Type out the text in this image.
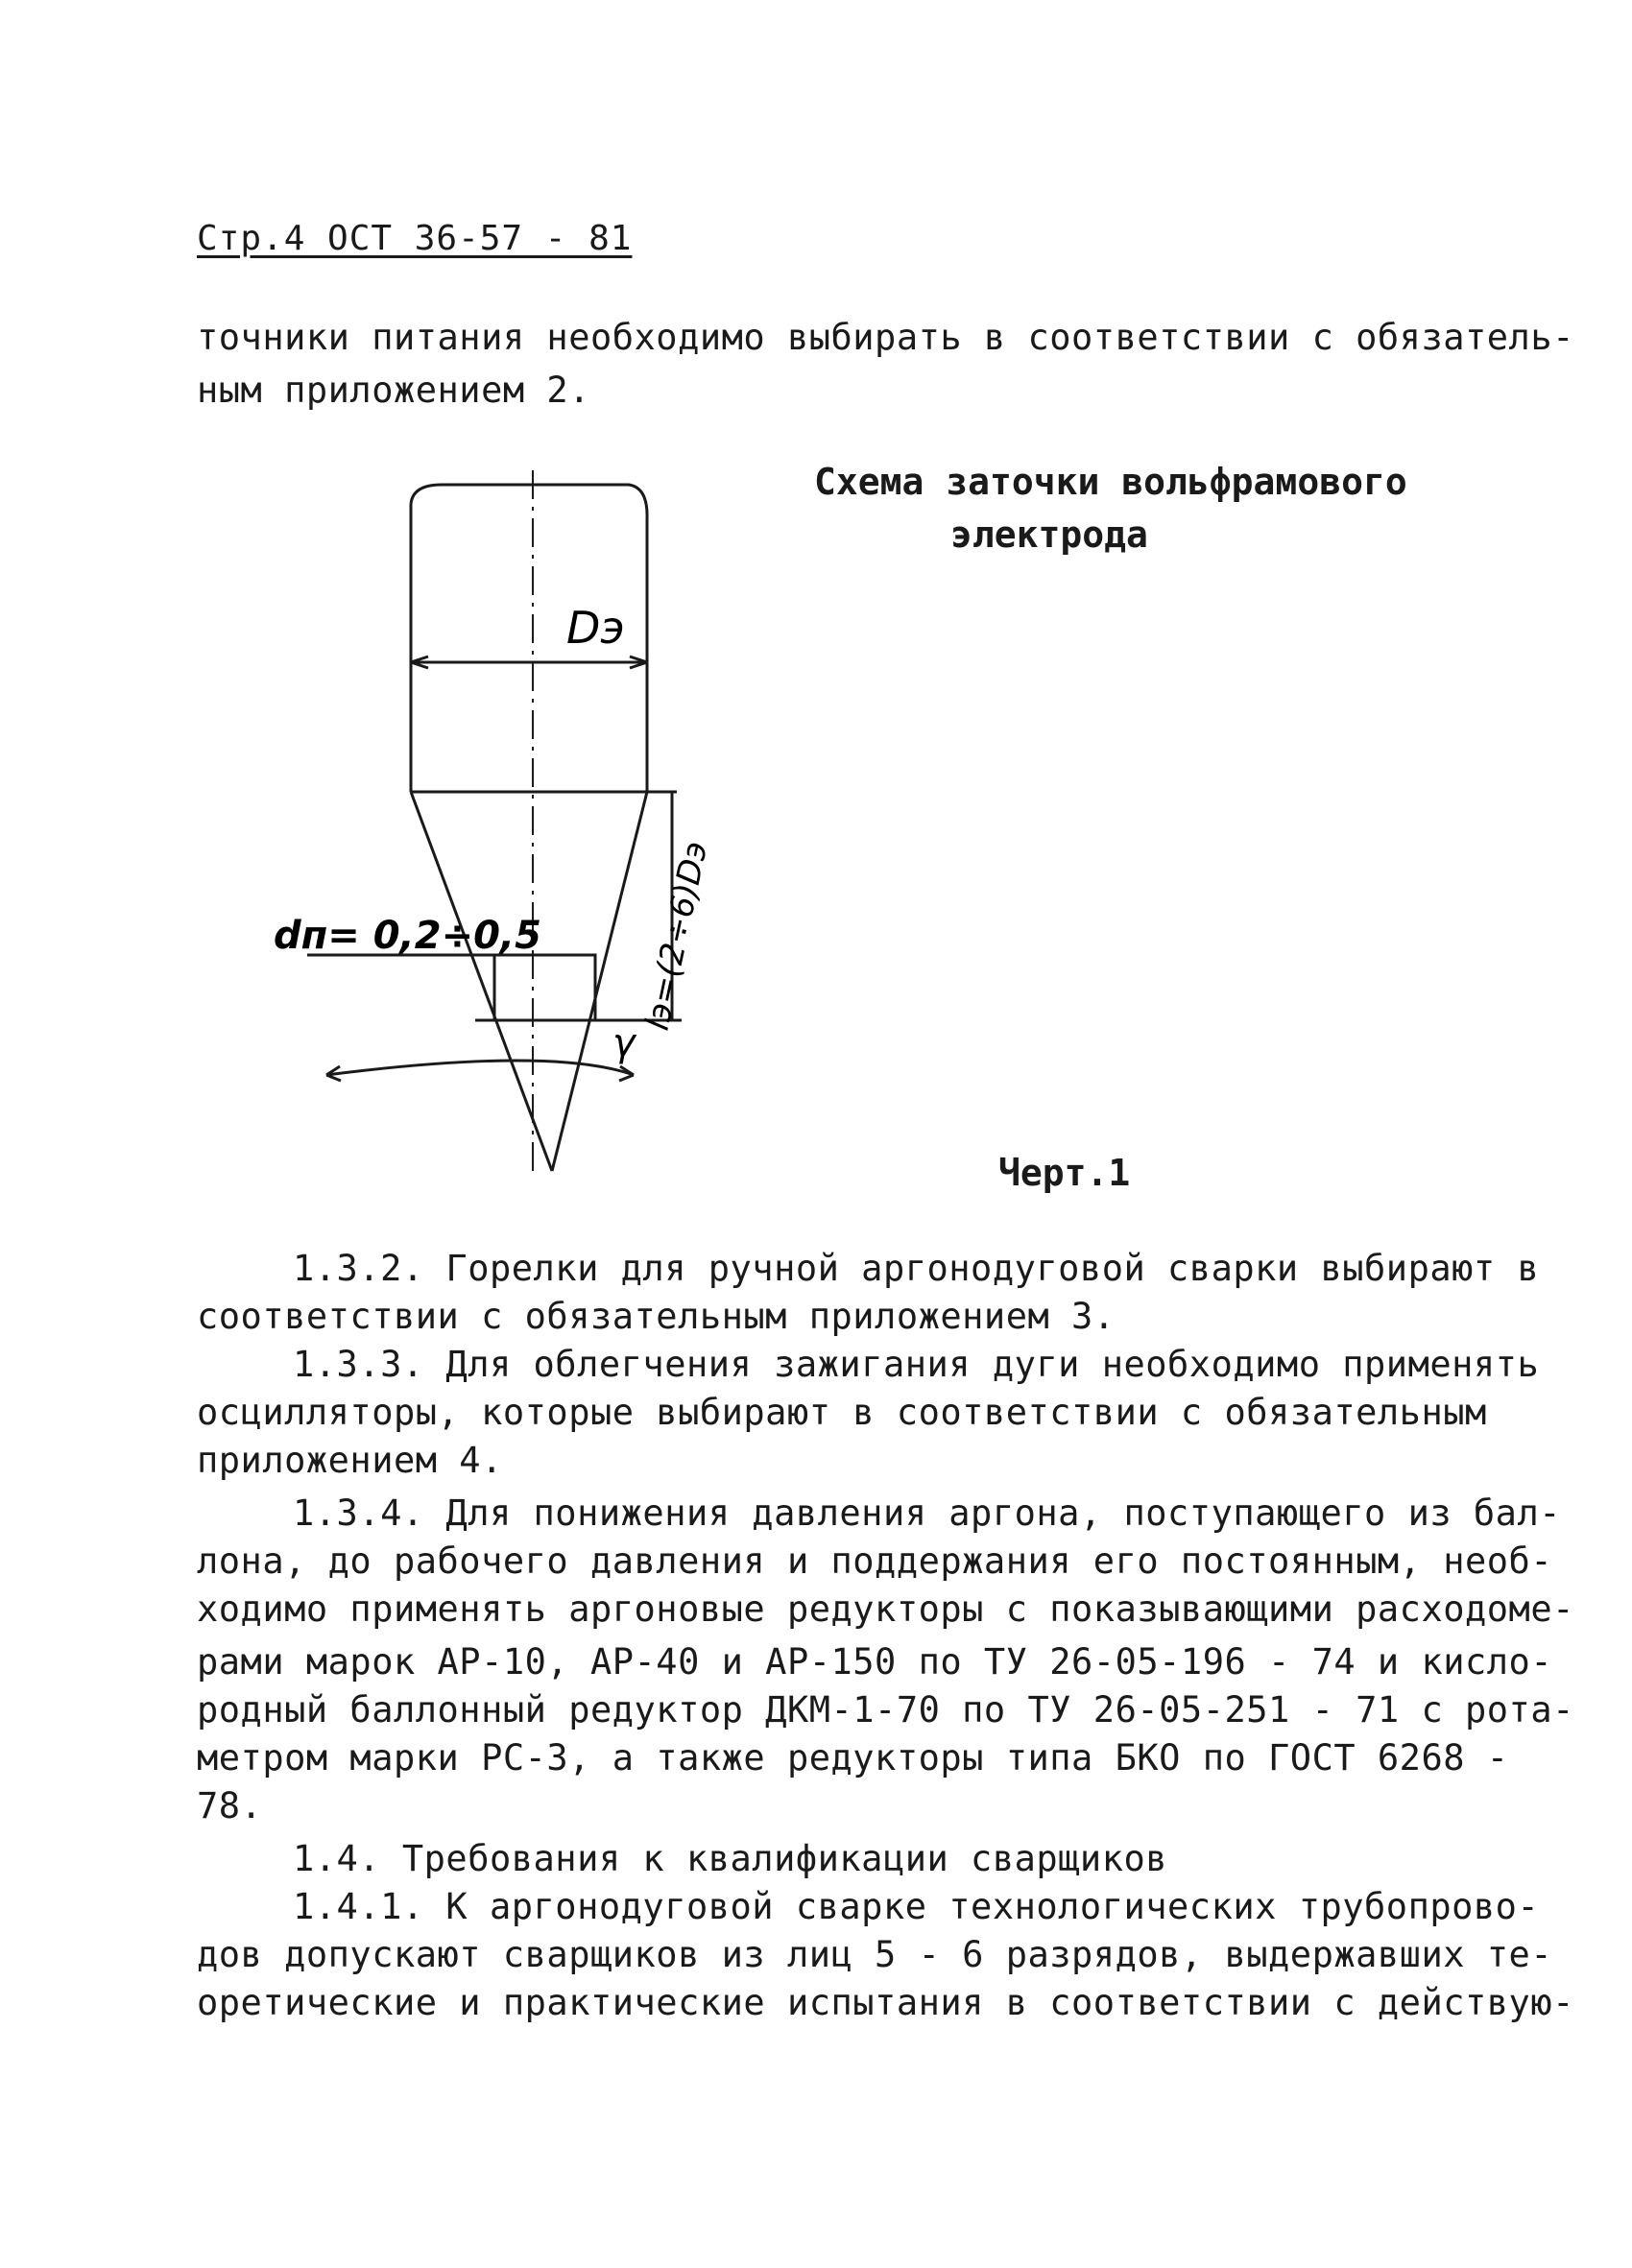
Стр.4 ОСТ 36-57 - 81
точники питания необходимо выбирать в соответствии с обязатель-
ным приложением 2.
Схема заточки вольфрамового
электрода
Dэ
dп= 0,2÷0,5	lэ=(2÷6)Dэ
γ
Черт.1
1.3.2. Горелки для ручной аргонодуговой сварки выбирают в
соответствии с обязательным приложением 3.
1.3.3. Для облегчения зажигания дуги необходимо применять
осцилляторы, которые выбирают в соответствии с обязательным
приложением 4.
1.3.4. Для понижения давления аргона, поступающего из бал-
лона, до рабочего давления и поддержания его постоянным, необ-
ходимо применять аргоновые редукторы с показывающими расходоме-
рами марок АР-10, АР-40 и АР-150 по ТУ 26-05-196 - 74 и кисло-
родный баллонный редуктор ДКМ-1-70 по ТУ 26-05-251 - 71 с рота-
метром марки РС-3, а также редукторы типа БКО по ГОСТ 6268 -
78.
1.4. Требования к квалификации сварщиков
1.4.1. К аргонодуговой сварке технологических трубопрово-
дов допускают сварщиков из лиц 5 - 6 разрядов, выдержавших те-
оретические и практические испытания в соответствии с действую-
